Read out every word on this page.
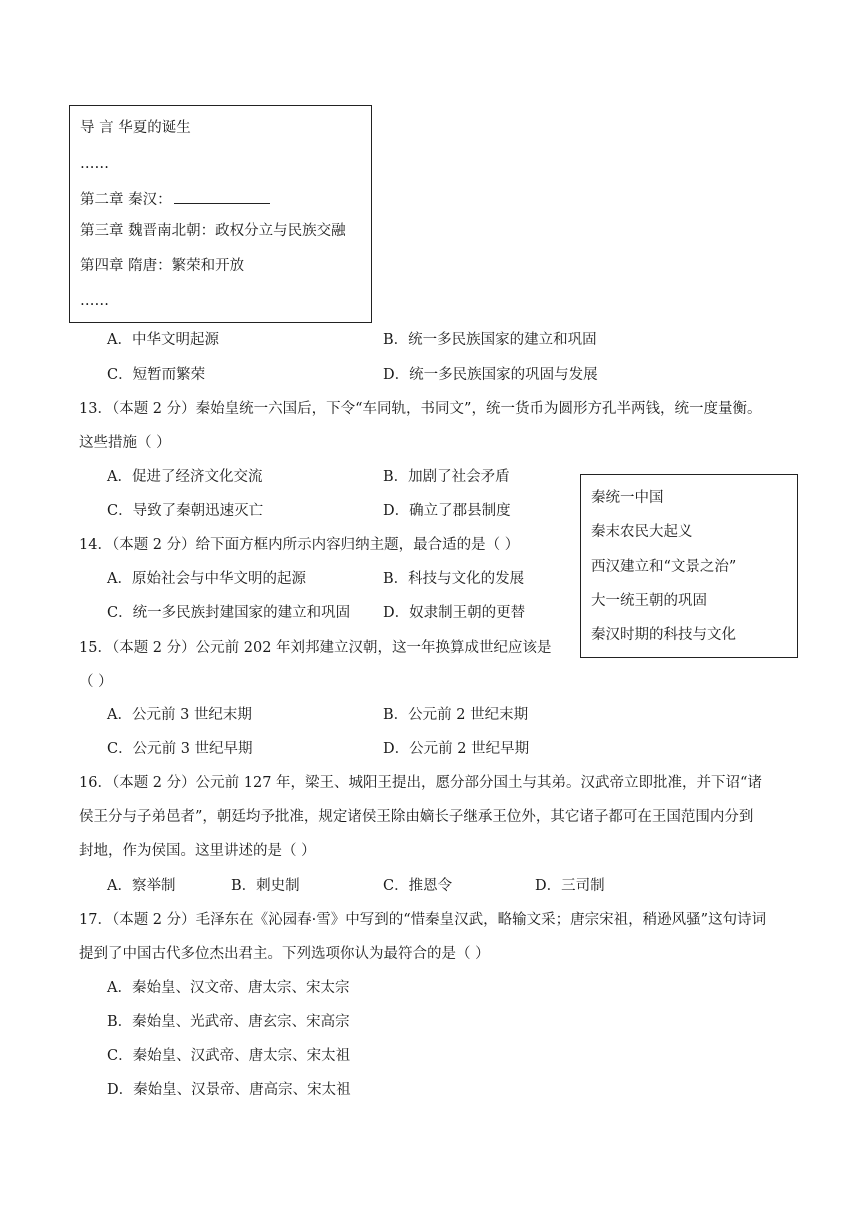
导 言 华夏的诞生
……
第二章 秦汉：
第三章 魏晋南北朝：政权分立与民族交融
第四章 隋唐：繁荣和开放
……
A．中华文明起源	B．统一多民族国家的建立和巩固
C．短暂而繁荣	D．统一多民族国家的巩固与发展
13．（本题 2 分）秦始皇统一六国后，下令“车同轨，书同文”，统一货币为圆形方孔半两钱，统一度量衡。
这些措施（ ）
A．促进了经济文化交流	B．加剧了社会矛盾
C．导致了秦朝迅速灭亡	D．确立了郡县制度
秦统一中国
秦末农民大起义
西汉建立和“文景之治”
大一统王朝的巩固
秦汉时期的科技与文化
14．（本题 2 分）给下面方框内所示内容归纳主题，最合适的是（ ）
A．原始社会与中华文明的起源	B．科技与文化的发展
C．统一多民族封建国家的建立和巩固 D．奴隶制王朝的更替
15．（本题 2 分）公元前 202 年刘邦建立汉朝，这一年换算成世纪应该是
（ ）
A．公元前 3 世纪末期	B．公元前 2 世纪末期
C．公元前 3 世纪早期	D．公元前 2 世纪早期
16．（本题 2 分）公元前 127 年，梁王、城阳王提出，愿分部分国土与其弟。汉武帝立即批准，并下诏“诸
侯王分与子弟邑者”，朝廷均予批准，规定诸侯王除由嫡长子继承王位外，其它诸子都可在王国范围内分到
封地，作为侯国。这里讲述的是（ ）
A．察举制	B．刺史制	C．推恩令	D．三司制
17．（本题 2 分）毛泽东在《沁园春·雪》中写到的“惜秦皇汉武，略输文采；唐宗宋祖，稍逊风骚”这句诗词
提到了中国古代多位杰出君主。下列选项你认为最符合的是（ ）
A．秦始皇、汉文帝、唐太宗、宋太宗
B．秦始皇、光武帝、唐玄宗、宋高宗
C．秦始皇、汉武帝、唐太宗、宋太祖
D．秦始皇、汉景帝、唐高宗、宋太祖
